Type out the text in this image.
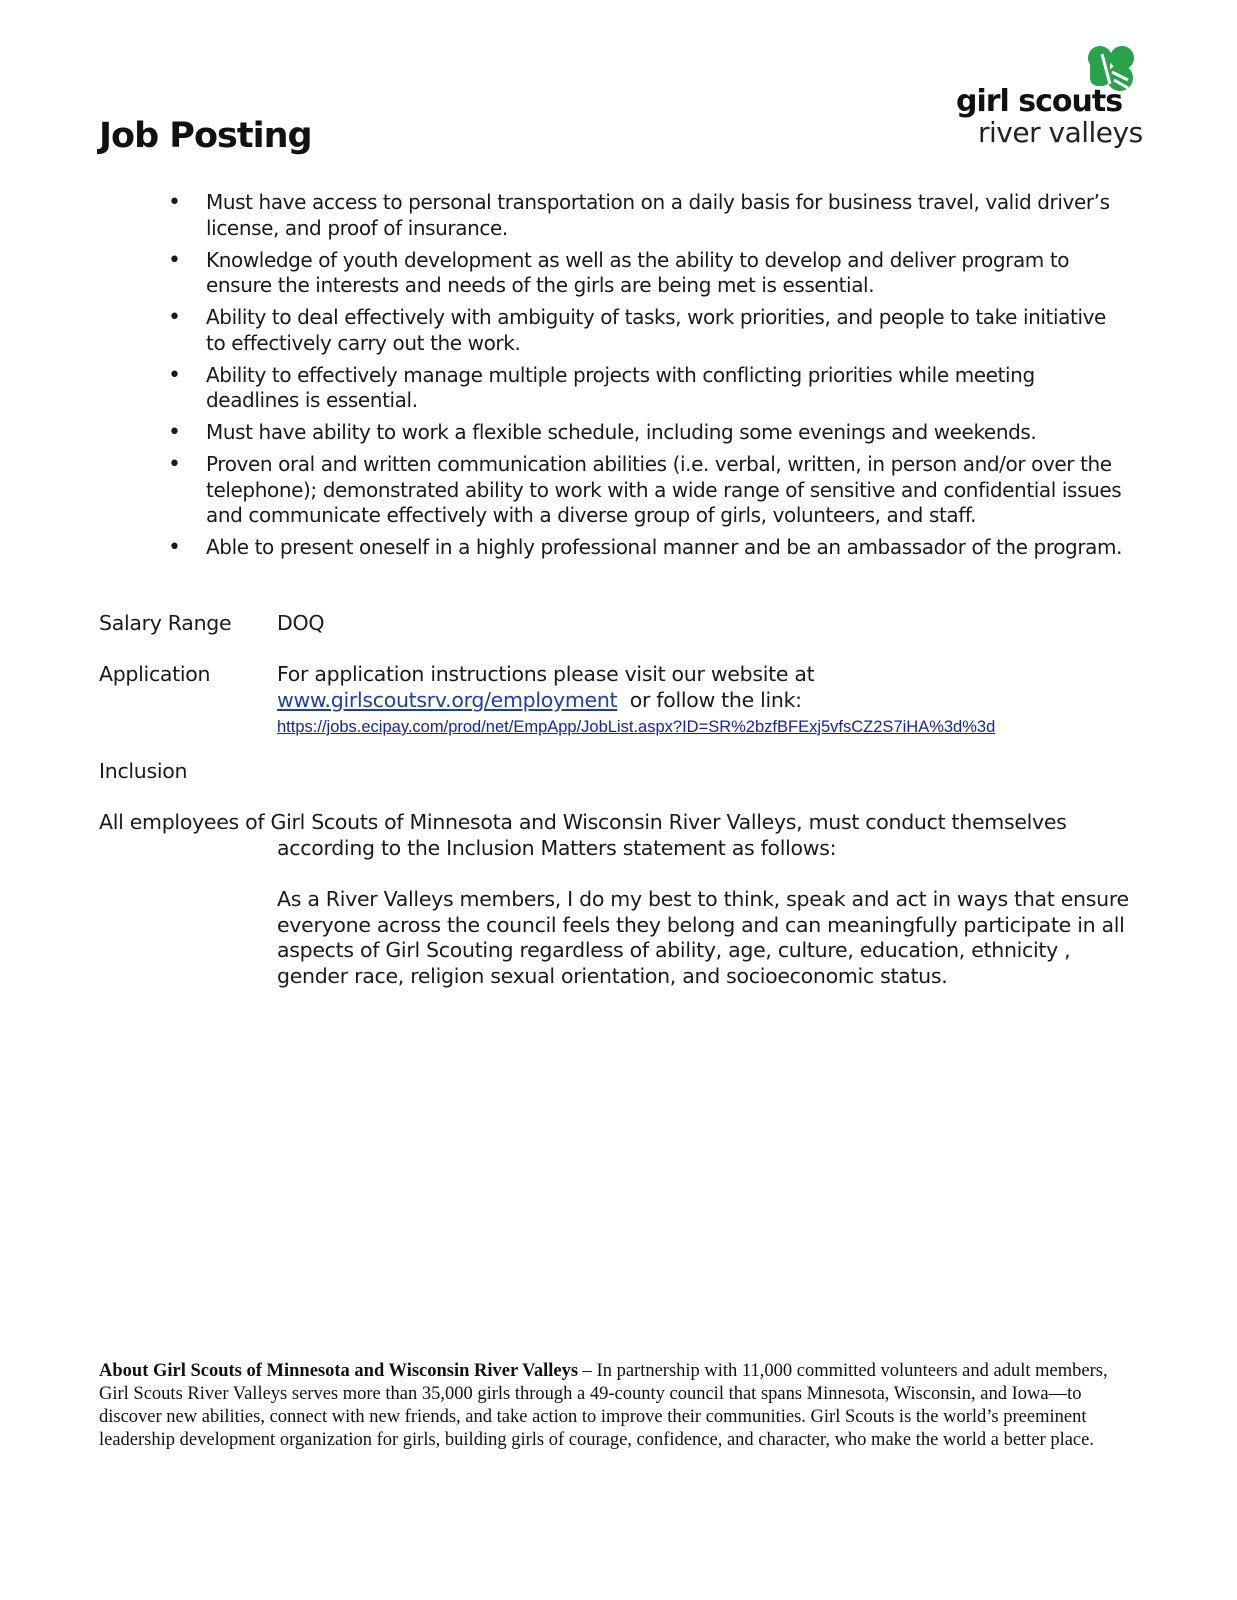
Job Posting
girl scouts
river valleys
• Must have access to personal transportation on a daily basis for business travel, valid driver’s license, and proof of insurance.
• Knowledge of youth development as well as the ability to develop and deliver program to ensure the interests and needs of the girls are being met is essential.
• Ability to deal effectively with ambiguity of tasks, work priorities, and people to take initiative to effectively carry out the work.
• Ability to effectively manage multiple projects with conflicting priorities while meeting deadlines is essential.
• Must have ability to work a flexible schedule, including some evenings and weekends.
• Proven oral and written communication abilities (i.e. verbal, written, in person and/or over the telephone); demonstrated ability to work with a wide range of sensitive and confidential issues and communicate effectively with a diverse group of girls, volunteers, and staff.
• Able to present oneself in a highly professional manner and be an ambassador of the program.
Salary Range DOQ
Application	For application instructions please visit our website at
www.girlscoutsrv.org/employment or follow the link:
https://jobs.ecipay.com/prod/net/EmpApp/JobList.aspx?ID=SR%2bzfBFExj5vfsCZ2S7iHA%3d%3d
Inclusion
All employees of Girl Scouts of Minnesota and Wisconsin River Valleys, must conduct themselves
according to the Inclusion Matters statement as follows:
As a River Valleys members, I do my best to think, speak and act in ways that ensure everyone across the council feels they belong and can meaningfully participate in all aspects of Girl Scouting regardless of ability, age, culture, education, ethnicity , gender race, religion sexual orientation, and socioeconomic status.
About Girl Scouts of Minnesota and Wisconsin River Valleys – In partnership with 11,000 committed volunteers and adult members, Girl Scouts River Valleys serves more than 35,000 girls through a 49-county council that spans Minnesota, Wisconsin, and Iowa—to discover new abilities, connect with new friends, and take action to improve their communities. Girl Scouts is the world’s preeminent leadership development organization for girls, building girls of courage, confidence, and character, who make the world a better place.
